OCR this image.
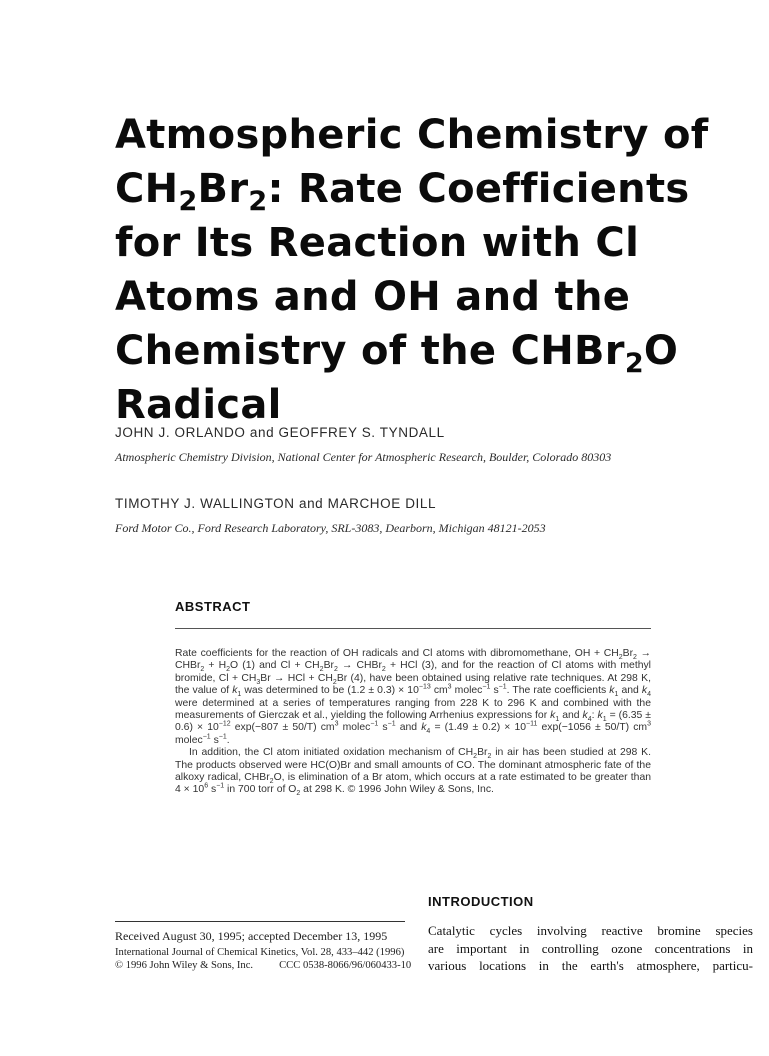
Atmospheric Chemistry of
$CH_2Br_2$: Rate Coefficients
for Its Reaction with Cl
Atoms and OH and the
Chemistry of the CHBr$_2$O
Radical
JOHN J. ORLANDO and GEOFFREY S. TYNDALL
Atmospheric Chemistry Division, National Center for Atmospheric Research, Boulder, Colorado 80303
TIMOTHY J. WALLINGTON and MARCHOE DILL
Ford Motor Co., Ford Research Laboratory, SRL-3083, Dearborn, Michigan 48121-2053
ABSTRACT

Rate coefficients for the reaction of OH radicals and Cl atoms with dibromomethane, OH + $CH_2Br_2$ → CHBr$_2$ + $H_2O$ (1) and $Cl + CH_2Br_2$ → CHBr$_2$ + HCl (3), and for the reaction of Cl atoms with methyl bromide, $Cl + CH_3Br$ → HCl + $CH_2Br$ (4), have been obtained using relative rate techniques. At 298 K, the value of $k_1$ was determined to be $(1.2 \pm 0.3) \times 10^{-13}$ $cm^3$ molec$^{-1}$ $s^{-1}$. The rate coefficients $k_1$ and $k_4$ were determined at a series of temperatures ranging from 228 K to 296 K and combined with the measurements of Gierczak et al., yielding the following Arrhenius expressions for $k_1$ and $k_4$: $k_1 = (6.35 \pm 0.6) \times 10^{-12}$ exp(−807 ± 50/T) $cm^3$ molec$^{-1}$ $s^{-1}$ and $k_4 = (1.49 \pm 0.2) \times 10^{-11}$ exp(−1056 ± 50/T) $cm^3$ molec$^{-1}$ $s^{-1}$.

In addition, the Cl atom initiated oxidation mechanism of $CH_2Br_2$ in air has been studied at 298 K. The products observed were HC(O)Br and small amounts of CO. The dominant atmospheric fate of the alkoxy radical, CHBr$_2$O, is elimination of a Br atom, which occurs at a rate estimated to be greater than $4 \times 10^6$ $s^{-1}$ in 700 torr of $O_2$ at 298 K. © 1996 John Wiley & Sons, Inc.

INTRODUCTION
Catalytic cycles involving reactive bromine species
are important in controlling ozone concentrations in
various locations in the earth's atmosphere, particu-
Received August 30, 1995; accepted December 13, 1995
International Journal of Chemical Kinetics, Vol. 28, 433–442 (1996)
© 1996 John Wiley & Sons, Inc. CCC 0538-8066/96/060433-10
